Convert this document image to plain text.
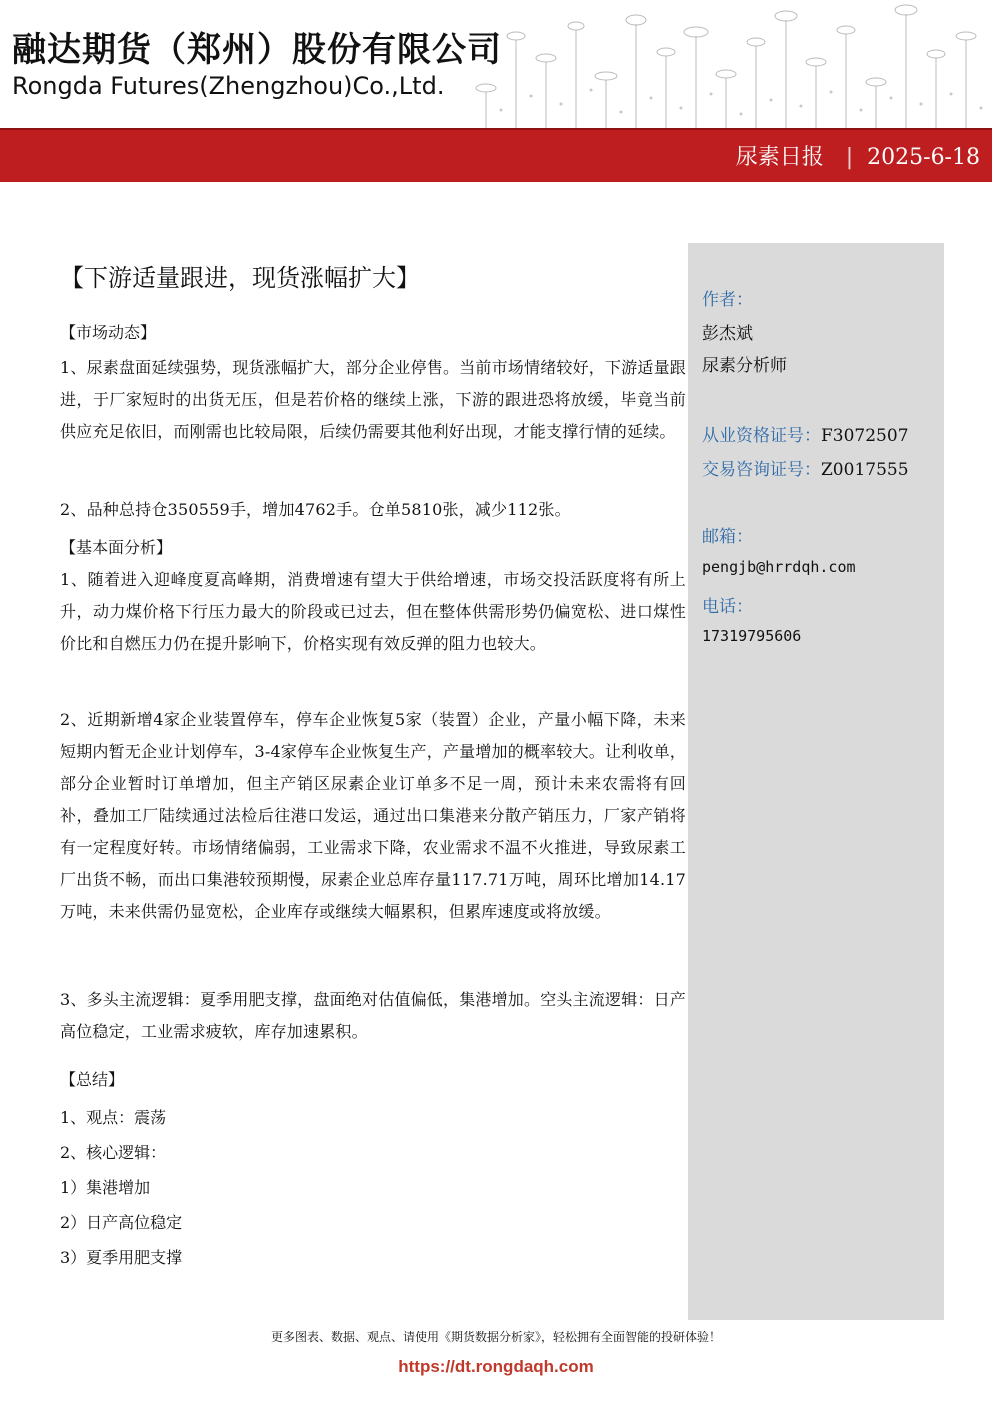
融达期货（郑州）股份有限公司
Rongda Futures(Zhengzhou)Co.,Ltd.
尿素日报 | 2025-6-18
作者：
彭杰斌
尿素分析师
从业资格证号：F3072507
交易咨询证号：Z0017555
邮箱：
pengjb@hrrdqh.com
电话：
17319795606
【下游适量跟进，现货涨幅扩大】
【市场动态】
1、尿素盘面延续强势，现货涨幅扩大，部分企业停售。当前市场情绪较好，下游适量跟进，于厂家短时的出货无压，但是若价格的继续上涨，下游的跟进恐将放缓，毕竟当前供应充足依旧，而刚需也比较局限，后续仍需要其他利好出现，才能支撑行情的延续。
2、品种总持仓350559手，增加4762手。仓单5810张，减少112张。
【基本面分析】
1、随着进入迎峰度夏高峰期，消费增速有望大于供给增速，市场交投活跃度将有所上升，动力煤价格下行压力最大的阶段或已过去，但在整体供需形势仍偏宽松、进口煤性价比和自燃压力仍在提升影响下，价格实现有效反弹的阻力也较大。
2、近期新增4家企业装置停车，停车企业恢复5家（装置）企业，产量小幅下降，未来短期内暂无企业计划停车，3-4家停车企业恢复生产，产量增加的概率较大。让利收单，部分企业暂时订单增加，但主产销区尿素企业订单多不足一周，预计未来农需将有回补，叠加工厂陆续通过法检后往港口发运，通过出口集港来分散产销压力，厂家产销将有一定程度好转。市场情绪偏弱，工业需求下降，农业需求不温不火推进，导致尿素工厂出货不畅，而出口集港较预期慢，尿素企业总库存量117.71万吨，周环比增加14.17万吨，未来供需仍显宽松，企业库存或继续大幅累积，但累库速度或将放缓。
3、多头主流逻辑：夏季用肥支撑，盘面绝对估值偏低，集港增加。空头主流逻辑：日产高位稳定，工业需求疲软，库存加速累积。
【总结】
1、观点：震荡
2、核心逻辑：
1）集港增加
2）日产高位稳定
3）夏季用肥支撑
更多图表、数据、观点、请使用《期货数据分析家》，轻松拥有全面智能的投研体验！
https://dt.rongdaqh.com
